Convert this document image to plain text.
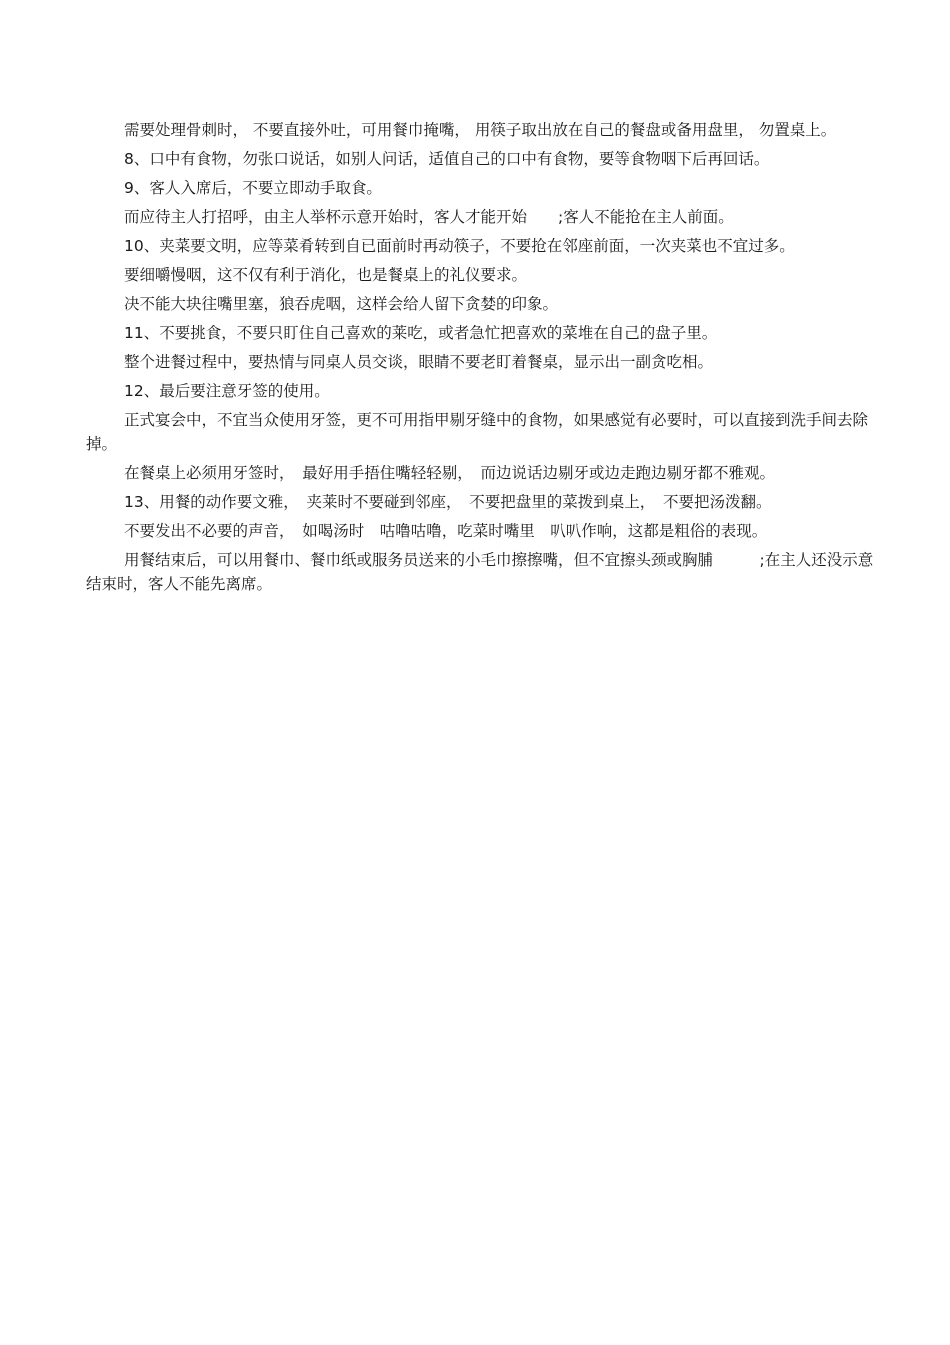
需要处理骨刺时， 不要直接外吐，可用餐巾掩嘴， 用筷子取出放在自己的餐盘或备用盘里， 勿置桌上。

8、口中有食物，勿张口说话，如别人问话，适值自己的口中有食物，要等食物咽下后再回话。

9、客人入席后，不要立即动手取食。

而应待主人打招呼，由主人举杯示意开始时，客人才能开始　　;客人不能抢在主人前面。

10、夹菜要文明，应等菜肴转到自已面前时再动筷子，不要抢在邻座前面，一次夹菜也不宜过多。

要细嚼慢咽，这不仅有利于消化，也是餐桌上的礼仪要求。

决不能大块往嘴里塞，狼吞虎咽，这样会给人留下贪婪的印象。

11、不要挑食，不要只盯住自己喜欢的莱吃，或者急忙把喜欢的菜堆在自己的盘子里。

整个进餐过程中，要热情与同桌人员交谈，眼睛不要老盯着餐桌，显示出一副贪吃相。

12、最后要注意牙签的使用。

正式宴会中，不宜当众使用牙签，更不可用指甲剔牙缝中的食物，如果感觉有必要时，可以直接到洗手间去除掉。

在餐桌上必须用牙签时，　最好用手捂住嘴轻轻剔，　而边说话边剔牙或边走跑边剔牙都不雅观。

13、用餐的动作要文雅，　夹莱时不要碰到邻座，　不要把盘里的菜拨到桌上，　不要把汤泼翻。

不要发出不必要的声音，　如喝汤时　咕噜咕噜，吃菜时嘴里　叭叭作响，这都是粗俗的表现。

用餐结束后，可以用餐巾、餐巾纸或服务员送来的小毛巾擦擦嘴，但不宜擦头颈或胸脯　　　;在主人还没示意结束时，客人不能先离席。
